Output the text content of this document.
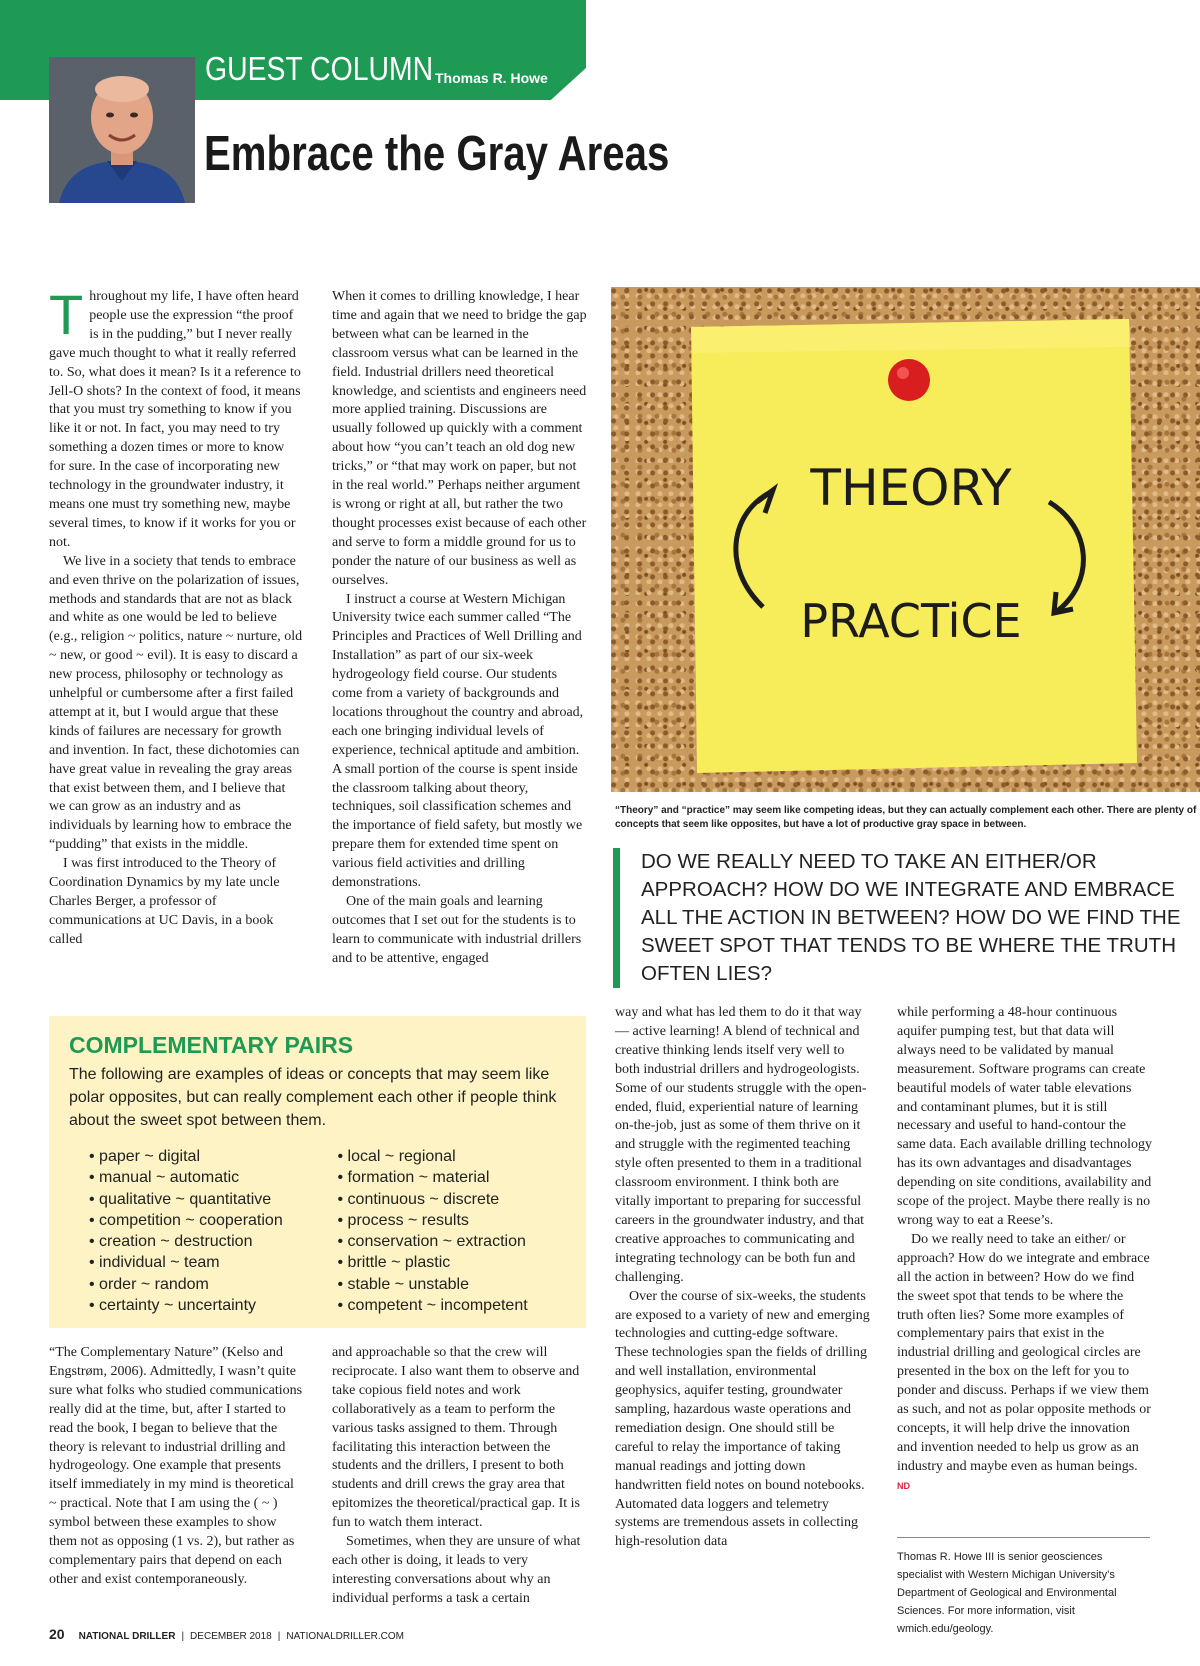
GUEST COLUMN Thomas R. Howe
Embrace the Gray Areas
T hroughout my life, I have often heard people use the expression “the proof is in the pudding,” but I never really gave much thought to what it really referred to. So, what does it mean? Is it a reference to Jell-O shots? In the context of food, it means that you must try something to know if you like it or not. In fact, you may need to try something a dozen times or more to know for sure. In the case of incorporating new technology in the groundwater industry, it means one must try something new, maybe several times, to know if it works for you or not.

We live in a society that tends to embrace and even thrive on the polarization of issues, methods and standards that are not as black and white as one would be led to believe (e.g., religion ~ politics, nature ~ nurture, old ~ new, or good ~ evil). It is easy to discard a new process, philosophy or technology as unhelpful or cumbersome after a first failed attempt at it, but I would argue that these kinds of failures are necessary for growth and invention. In fact, these dichotomies can have great value in revealing the gray areas that exist between them, and I believe that we can grow as an industry and as individuals by learning how to embrace the “pudding” that exists in the middle.

I was first introduced to the Theory of Coordination Dynamics by my late uncle Charles Berger, a professor of communications at UC Davis, in a book called

When it comes to drilling knowledge, I hear time and again that we need to bridge the gap between what can be learned in the classroom versus what can be learned in the field. Industrial drillers need theoretical knowledge, and scientists and engineers need more applied training. Discussions are usually followed up quickly with a comment about how “you can’t teach an old dog new tricks,” or “that may work on paper, but not in the real world.” Perhaps neither argument is wrong or right at all, but rather the two thought processes exist because of each other and serve to form a middle ground for us to ponder the nature of our business as well as ourselves.

I instruct a course at Western Michigan University twice each summer called “The Principles and Practices of Well Drilling and Installation” as part of our six-week hydrogeology field course. Our students come from a variety of backgrounds and locations throughout the country and abroad, each one bringing individual levels of experience, technical aptitude and ambition. A small portion of the course is spent inside the classroom talking about theory, techniques, soil classification schemes and the importance of field safety, but mostly we prepare them for extended time spent on various field activities and drilling demonstrations.

One of the main goals and learning outcomes that I set out for the students is to learn to communicate with industrial drillers and to be attentive, engaged

THEORY
PRACTiCE
“Theory” and “practice” may seem like competing ideas, but they can actually complement each other. There are plenty of concepts that seem like opposites, but have a lot of productive gray space in between.
DO WE REALLY NEED TO TAKE AN EITHER/OR APPROACH? HOW DO WE INTEGRATE AND EMBRACE ALL THE ACTION IN BETWEEN? HOW DO WE FIND THE SWEET SPOT THAT TENDS TO BE WHERE THE TRUTH OFTEN LIES?
COMPLEMENTARY PAIRS

The following are examples of ideas or concepts that may seem like polar opposites, but can really complement each other if people think about the sweet spot between them.

• paper ~ digital
• manual ~ automatic
• qualitative ~ quantitative
• competition ~ cooperation
• creation ~ destruction
• individual ~ team
• order ~ random
• certainty ~ uncertainty
• local ~ regional
• formation ~ material
• continuous ~ discrete
• process ~ results
• conservation ~ extraction
• brittle ~ plastic
• stable ~ unstable
• competent ~ incompetent

“The Complementary Nature” (Kelso and Engstrøm, 2006). Admittedly, I wasn’t quite sure what folks who studied communications really did at the time, but, after I started to read the book, I began to believe that the theory is relevant to industrial drilling and hydrogeology. One example that presents itself immediately in my mind is theoretical ~ practical. Note that I am using the ( ~ ) symbol between these examples to show them not as opposing (1 vs. 2), but rather as complementary pairs that depend on each other and exist contemporaneously.

and approachable so that the crew will reciprocate. I also want them to observe and take copious field notes and work collaboratively as a team to perform the various tasks assigned to them. Through facilitating this interaction between the students and the drillers, I present to both students and drill crews the gray area that epitomizes the theoretical/practical gap. It is fun to watch them interact.

Sometimes, when they are unsure of what each other is doing, it leads to very interesting conversations about why an individual performs a task a certain

way and what has led them to do it that way — active learning! A blend of technical and creative thinking lends itself very well to both industrial drillers and hydrogeologists. Some of our students struggle with the open-ended, fluid, experiential nature of learning on-the-job, just as some of them thrive on it and struggle with the regimented teaching style often presented to them in a traditional classroom environment. I think both are vitally important to preparing for successful careers in the groundwater industry, and that creative approaches to communicating and integrating technology can be both fun and challenging.

Over the course of six-weeks, the students are exposed to a variety of new and emerging technologies and cutting-edge software. These technologies span the fields of drilling and well installation, environmental geophysics, aquifer testing, groundwater sampling, hazardous waste operations and remediation design. One should still be careful to relay the importance of taking manual readings and jotting down handwritten field notes on bound notebooks. Automated data loggers and telemetry systems are tremendous assets in collecting high-resolution data

while performing a 48-hour continuous aquifer pumping test, but that data will always need to be validated by manual measurement. Software programs can create beautiful models of water table elevations and contaminant plumes, but it is still necessary and useful to hand-contour the same data. Each available drilling technology has its own advantages and disadvantages depending on site conditions, availability and scope of the project. Maybe there really is no wrong way to eat a Reese’s.

Do we really need to take an either/ or approach? How do we integrate and embrace all the action in between? How do we find the sweet spot that tends to be where the truth often lies? Some more examples of complementary pairs that exist in the industrial drilling and geological circles are presented in the box on the left for you to ponder and discuss. Perhaps if we view them as such, and not as polar opposite methods or concepts, it will help drive the innovation and invention needed to help us grow as an industry and maybe even as human beings. ND

Thomas R. Howe III is senior geosciences specialist with Western Michigan University’s Department of Geological and Environmental Sciences. For more information, visit wmich.edu/geology.
20 NATIONAL DRILLER | DECEMBER 2018 | NATIONALDRILLER.COM
